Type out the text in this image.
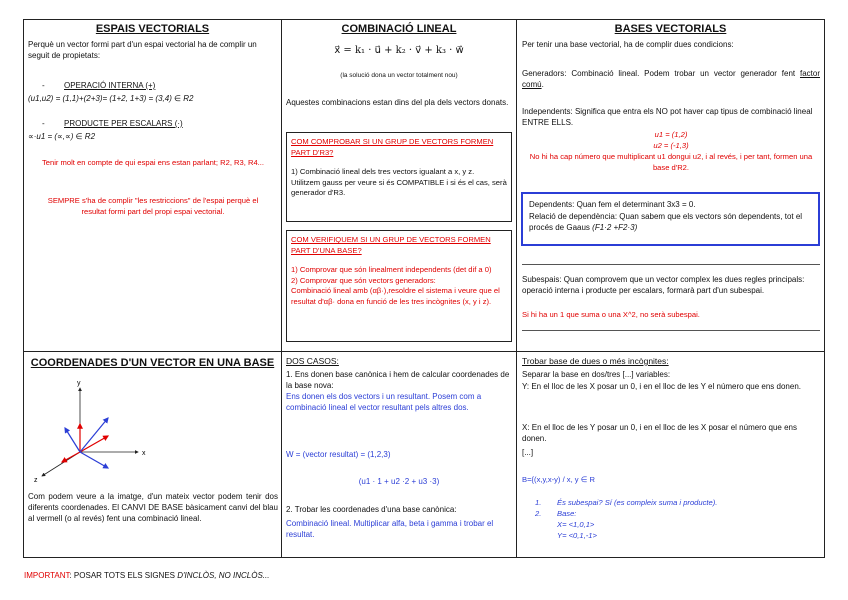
ESPAIS VECTORIALS
Perquè un vector formi part d'un espai vectorial ha de complir un seguit de propietats:
- OPERACIÓ INTERNA (+)
(u1,u2) = (1,1)+(2+3)= (1+2, 1+3) = (3,4) ∈ R2
- PRODUCTE PER ESCALARS (·)
∝·u1 = (∝,∝) ∈ R2
Tenir molt en compte de qui espai ens estan parlant; R2, R3, R4...
SEMPRE s'ha de complir "les restriccions" de l'espai perquè el resultat formi part del propi espai vectorial.
COMBINACIÓ LINEAL
x⃗ = k₁ · u⃗ + k₂ · v⃗ + k₃ · w⃗
(la solució dona un vector totalment nou)
Aquestes combinacions estan dins del pla dels vectors donats.
COM COMPROBAR SI UN GRUP DE VECTORS FORMEN PART D'R3?
1) Combinació lineal dels tres vectors igualant a x, y z.
Utilitzem gauss per veure si és COMPATIBLE i si és el cas, serà generador d'R3.
COM VERIFIQUEM SI UN GRUP DE VECTORS FORMEN PART D'UNA BASE?
1) Comprovar que són linealment independents (det dif a 0)
2) Comprovar que són vectors generadors:
Combinació lineal amb (αβ·),resoldre el sistema i veure que el resultat d'αβ· dona en funció de les tres incògnites (x, y i z).
BASES VECTORIALS
Per tenir una base vectorial, ha de complir dues condicions:
Generadors: Combinació lineal. Podem trobar un vector generador fent factor comú.
Independents: Significa que entra els NO pot haver cap tipus de combinació lineal ENTRE ELLS.
u1 = (1,2)
u2 = (-1,3)
No hi ha cap número que multiplicant u1 dongui u2, i al revés, i per tant, formen una base d'R2.
Dependents: Quan fem el determinant 3x3 = 0.
Relació de dependència: Quan sabem que els vectors són dependents, tot el procés de Gaaus (F1·2 +F2·3)
Subespais: Quan comprovem que un vector complex les dues regles principals: operació interna i producte per escalars, formarà part d'un subespai.
Si hi ha un 1 que suma o una X^2, no serà subespai.
COORDENADES D'UN VECTOR EN UNA BASE
y
x
z
Com podem veure a la imatge, d'un mateix vector podem tenir dos diferents coordenades. El CANVI DE BASE bàsicament canvi del blau al vermell (o al revés) fent una combinació lineal.
DOS CASOS:
1. Ens donen base canònica i hem de calcular coordenades de la base nova:
Ens donen els dos vectors i un resultant. Posem com a combinació lineal el vector resultant pels altres dos.
W = (vector resultat) = (1,2,3)
(u1 · 1 + u2 ·2 + u3 ·3)
2. Trobar les coordenades d'una base canònica:
Combinació lineal. Multiplicar alfa, beta i gamma i trobar el resultat.
Trobar base de dues o més incògnites:
Separar la base en dos/tres [...] variables:
Y: En el lloc de les X posar un 0, i en el lloc de les Y el número que ens donen.
X: En el lloc de les Y posar un 0, i en el lloc de les X posar el número que ens donen.
[...]
B={(x,y,x-y) / x, y ∈ R
1. És subespai? Sí (es compleix suma i producte).
2. Base:
X= <1,0,1>
Y= <0,1,-1>
IMPORTANT: POSAR TOTS ELS SIGNES D'INCLÒS, NO INCLÒS...
